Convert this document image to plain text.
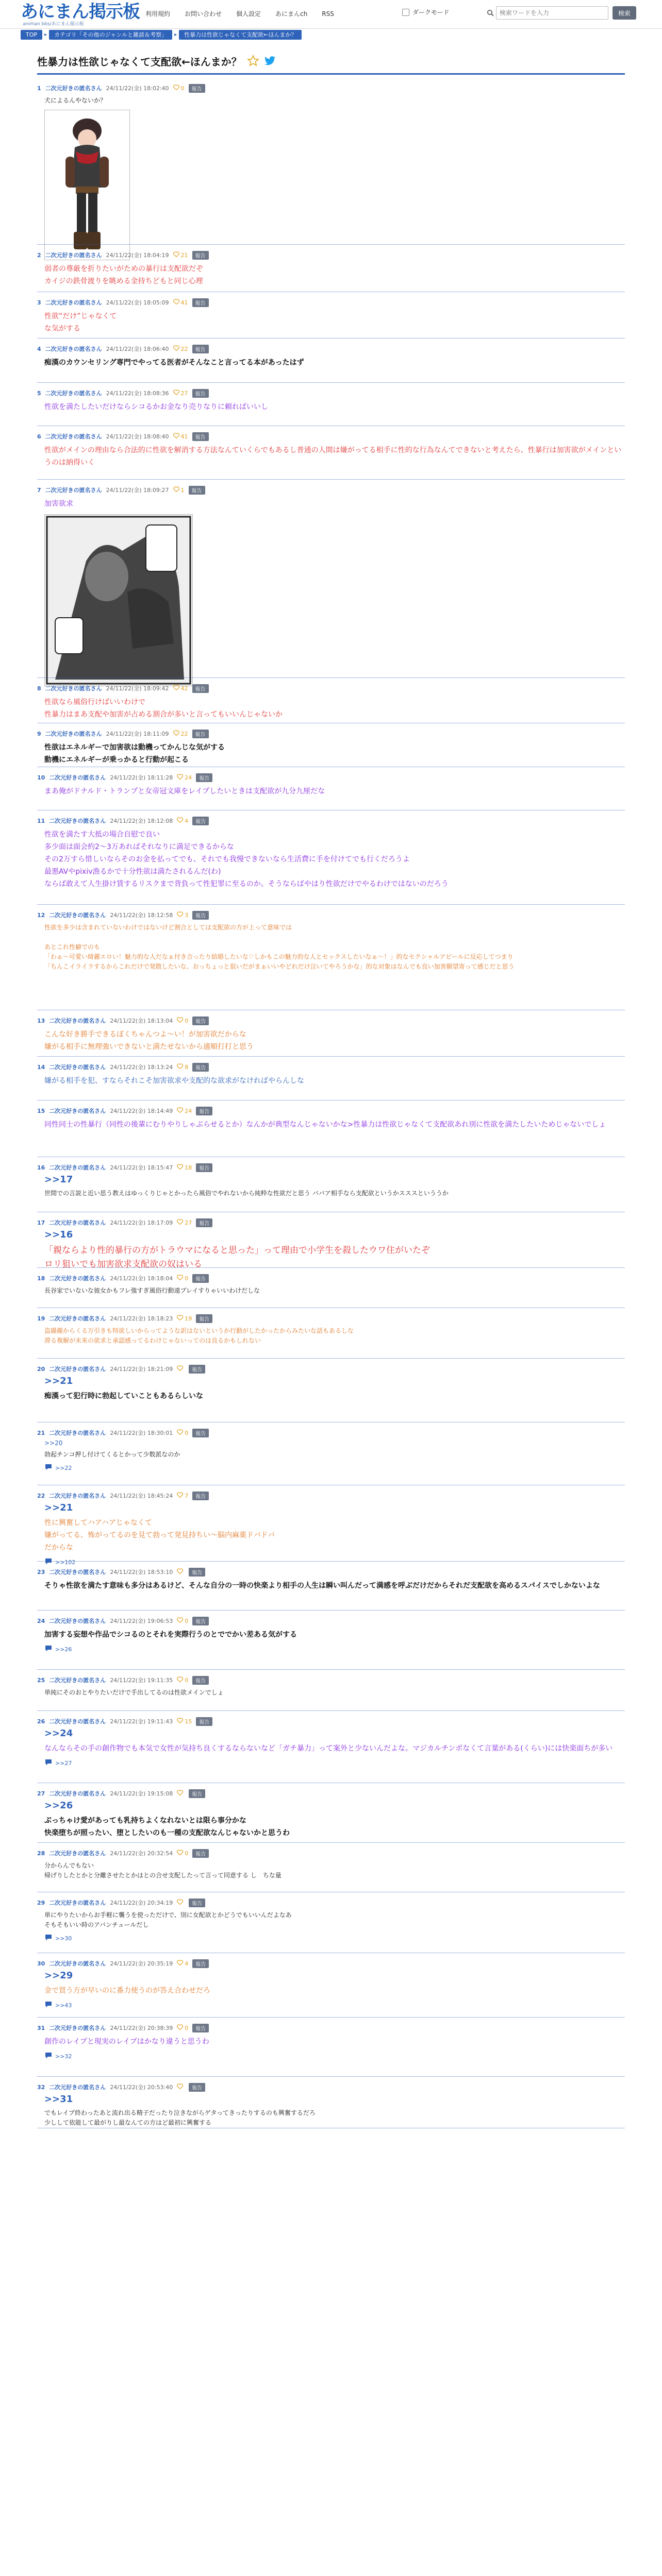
あにまん掲示板
animan bbs/あにまん掲示板
利用規約	お問い合わせ	個人設定	あにまんch	RSS	ダークモード
検索ワードを入力	検索
TOP	▸	カテゴリ「その他のジャンルと雑談＆考察」	▸	性暴力は性欲じゃなくて支配欲←ほんまか？
性暴力は性欲じゃなくて支配欲←ほんまか？
1 二次元好きの匿名さん 24/11/22(金) 18:02:40 0	報告
犬によるんやないか？
2 二次元好きの匿名さん 24/11/22(金) 18:04:19 21	報告
弱者の尊厳を折りたいがための暴行は支配欲だぞ
カイジの鉄骨渡りを眺める金持ちどもと同じ心理
3 二次元好きの匿名さん 24/11/22(金) 18:05:09 41	報告
性欲“だけ”じゃなくて
な気がする
4 二次元好きの匿名さん 24/11/22(金) 18:06:40 22	報告
痴漢のカウンセリング専門でやってる医者がそんなこと言ってる本があったはず
5 二次元好きの匿名さん 24/11/22(金) 18:08:36 27	報告
性欲を満たしたいだけならシコるかお金なり売りなりに頼ればいいし
6 二次元好きの匿名さん 24/11/22(金) 18:08:40 41	報告
性欲がメインの理由なら合法的に性欲を解消する方法なんていくらでもあるし普通の人間は嫌がってる相手に性的な行為なんてできないと考えたら、性暴行は加害欲がメインというのは納得いく
7 二次元好きの匿名さん 24/11/22(金) 18:09:27 1	報告
加害欲求
8 二次元好きの匿名さん 24/11/22(金) 18:09:42 42	報告
性欲なら風俗行けばいいわけで
性暴力はまあ支配や加害が占める割合が多いと言ってもいいんじゃないか
9 二次元好きの匿名さん 24/11/22(金) 18:11:09 22	報告
性欲はエネルギーで加害欲は動機ってかんじな気がする
動機にエネルギーが乗っかると行動が起こる
10 二次元好きの匿名さん 24/11/22(金) 18:11:28 24	報告
まあ俺がドナルド・トランプと女帝冠文庫をレイプしたいときは支配欲が九分九厘だな
11 二次元好きの匿名さん 24/11/22(金) 18:12:08 4	報告
性欲を満たす大抵の場合自慰で良い
多少面は面会約2～3万あればそれなりに満足できるからな
その2万すら惜しいならそのお金を払ってでも、それでも我慢できないなら生活費に手を付けてでも行くだろうよ
最悪AVやpixiv漁るかで十分性欲は満たされるんだ(わ)
ならば敢えて人生掛け賃するリスクまで背負って性犯罪に至るのか。そうならばやはり性欲だけでやるわけではないのだろう
12 二次元好きの匿名さん 24/11/22(金) 18:12:58 3	報告
性欲を多少は含まれていないわけではないけど割合としては支配欲の方が上って意味では

あとこれ性癖でのも
「わぁ〜可愛い綺麗エロい！魅力的な人だなぁ付き合ったり結婚したいな♡しかもこの魅力的な人とセックスしたいなぁ〜！」的なセクシャルアピールに反応してつまり
「ちんこイライラするからこれだけで発散したいな、おっちょっと狙いだがまぁいいやどれだけ泣いてやろうかな」的な対象はなんでも良い加害願望寄って感じだと思う
13 二次元好きの匿名さん 24/11/22(金) 18:13:04 0	報告
こんな好き勝手できるぼくちゃんつよ〜い！が加害欲だからな
嫌がる相手に無理強いできないと満たせないから適順打打と思う
14 二次元好きの匿名さん 24/11/22(金) 18:13:24 8	報告
嫌がる相手を犯、すならそれこそ加害欲求や支配的な欲求がなければやらんしな
15 二次元好きの匿名さん 24/11/22(金) 18:14:49 24	報告
同性同士の性暴行（同性の後輩にむりやりしゃぶらせるとか）なんかが典型なんじゃないかな>性暴力は性欲じゃなくて支配欲あれ別に性欲を満たしたいためじゃないでしょ
16 二次元好きの匿名さん 24/11/22(金) 18:15:47 18	報告
>>17
世間での言説と近い思う教えはゆっくりじゃとかったら風俗でやれないから純粋な性欲だと思う ババア相手なら支配欲というかスススといううか
17 二次元好きの匿名さん 24/11/22(金) 18:17:09 27	報告
>>16
「親ならより性的暴行の方がトラウマになると思った」って理由で小学生を殺したウワ住がいたぞ
ロリ狙いでも加害欲求支配欲の奴はいる
18 二次元好きの匿名さん 24/11/22(金) 18:18:04 0	報告
長谷家でいないな彼女かもフレ強すぎ風俗行動遠プレイすりゃいいわけだしな
19 二次元好きの匿名さん 24/11/22(金) 18:18:23 19	報告
盗撮趣からくる万引きも特欲しいからってような訳はないというか行動がしたかったからみたいな話もあるしな
滞る複解が未来の欲求と承認感ってるわけじゃないってのは良るかもしれない
20 二次元好きの匿名さん 24/11/22(金) 18:21:09	報告
>>21
痴漢って犯行時に勃起していこともあるらしいな
21 二次元好きの匿名さん 24/11/22(金) 18:30:01 0	報告
>>20
勃起チンコ押し付けてくるとかって少数派なのか
>>22
22 二次元好きの匿名さん 24/11/22(金) 18:45:24 7	報告
>>21
性に興奮してハアハアじゃなくて
嫌がってる、怖がってるのを見て勃って発見持ちい〜脳内麻薬ドバドバ
だからな
>>102
23 二次元好きの匿名さん 24/11/22(金) 18:53:10	報告
そりゃ性欲を満たす意味も多分はあるけど、そんな自分の一時の快楽より相手の人生は瞬い叫んだって満感を呼ぶだけだからそれだ支配欲を高めるスパイスでしかないよな
24 二次元好きの匿名さん 24/11/22(金) 19:06:53 0	報告
加害する妄想や作品でシコるのとそれを実際行うのとででかい差ある気がする
>>26
25 二次元好きの匿名さん 24/11/22(金) 19:11:35 0	報告
単純にそのおとやりたいだけで手出してるのは性欲メインでしょ
26 二次元好きの匿名さん 24/11/22(金) 19:11:43 15	報告
>>24
なんならその手の創作物でも本気で女性が気持ち良くするならないなど「ガチ暴力」って案外と少ないんだよな。マジカルチンポなくて言葉がある(くらい)には快楽面ちが多い
>>27
27 二次元好きの匿名さん 24/11/22(金) 19:15:08	報告
>>26
ぶっちゃけ愛があっても乳持ちよくなれないとは限ら事分かな
快楽堕ちが照ったい、堕としたいのも一種の支配欲なんじゃないかと思うわ
28 二次元好きの匿名さん 24/11/22(金) 20:32:54 0	報告
分からんでもない
帰げりしたとかと分離させたとかはとの合せ支配したって言って同意する し　ちな量
29 二次元好きの匿名さん 24/11/22(金) 20:34:19	報告
単にやりたいからお手軽に襲うを使っただけで、別に女配欲とかどうでもいいんだよなあ
そもそもいい時のアバンチュールだし
>>30
30 二次元好きの匿名さん 24/11/22(金) 20:35:19 4	報告
>>29
金で買う方が早いのに番力使うのが答え合わせだろ
>>43
31 二次元好きの匿名さん 24/11/22(金) 20:38:39 0	報告
創作のレイプと現実のレイプはかなり違うと思うわ
>>32
32 二次元好きの匿名さん 24/11/22(金) 20:53:40	報告
>>31
でもレイプ終わったあと流れ出る精子だったり泣きながらゲタってきったりするのも興奮するだろ
少しして依能して最がりし最なんての方はど最初に興奮する
